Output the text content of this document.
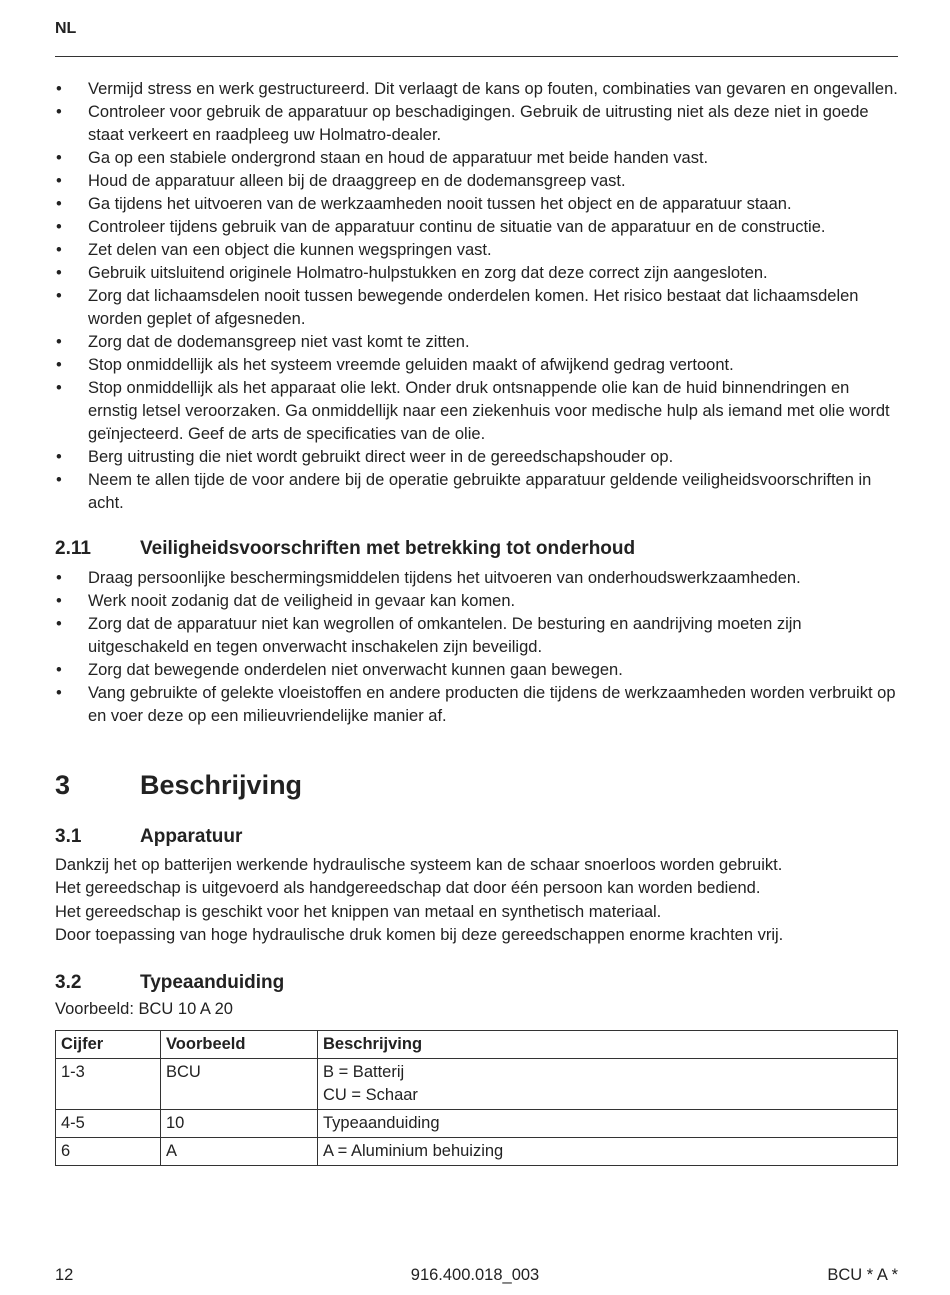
NL
• Vermijd stress en werk gestructureerd. Dit verlaagt de kans op fouten, combinaties van gevaren en ongevallen.
• Controleer voor gebruik de apparatuur op beschadigingen. Gebruik de uitrusting niet als deze niet in goede staat verkeert en raadpleeg uw Holmatro-dealer.
• Ga op een stabiele ondergrond staan en houd de apparatuur met beide handen vast.
• Houd de apparatuur alleen bij de draaggreep en de dodemansgreep vast.
• Ga tijdens het uitvoeren van de werkzaamheden nooit tussen het object en de apparatuur staan.
• Controleer tijdens gebruik van de apparatuur continu de situatie van de apparatuur en de constructie.
• Zet delen van een object die kunnen wegspringen vast.
• Gebruik uitsluitend originele Holmatro-hulpstukken en zorg dat deze correct zijn aangesloten.
• Zorg dat lichaamsdelen nooit tussen bewegende onderdelen komen. Het risico bestaat dat lichaamsdelen worden geplet of afgesneden.
• Zorg dat de dodemansgreep niet vast komt te zitten.
• Stop onmiddellijk als het systeem vreemde geluiden maakt of afwijkend gedrag vertoont.
• Stop onmiddellijk als het apparaat olie lekt. Onder druk ontsnappende olie kan de huid binnendringen en ernstig letsel veroorzaken. Ga onmiddellijk naar een ziekenhuis voor medische hulp als iemand met olie wordt geïnjecteerd. Geef de arts de specificaties van de olie.
• Berg uitrusting die niet wordt gebruikt direct weer in de gereedschapshouder op.
• Neem te allen tijde de voor andere bij de operatie gebruikte apparatuur geldende veiligheidsvoorschriften in acht.
2.11	Veiligheidsvoorschriften met betrekking tot onderhoud
• Draag persoonlijke beschermingsmiddelen tijdens het uitvoeren van onderhoudswerkzaamheden.
• Werk nooit zodanig dat de veiligheid in gevaar kan komen.
• Zorg dat de apparatuur niet kan wegrollen of omkantelen. De besturing en aandrijving moeten zijn uitgeschakeld en tegen onverwacht inschakelen zijn beveiligd.
• Zorg dat bewegende onderdelen niet onverwacht kunnen gaan bewegen.
• Vang gebruikte of gelekte vloeistoffen en andere producten die tijdens de werkzaamheden worden verbruikt op en voer deze op een milieuvriendelijke manier af.
3	Beschrijving
3.1	Apparatuur
Dankzij het op batterijen werkende hydraulische systeem kan de schaar snoerloos worden gebruikt.
Het gereedschap is uitgevoerd als handgereedschap dat door één persoon kan worden bediend.
Het gereedschap is geschikt voor het knippen van metaal en synthetisch materiaal.
Door toepassing van hoge hydraulische druk komen bij deze gereedschappen enorme krachten vrij.
3.2	Typeaanduiding
Voorbeeld: BCU 10 A 20
Cijfer	Voorbeeld	Beschrijving
1-3	BCU	B = Batterij
CU = Schaar

4-5	10	Typeaanduiding

6	A	A = Aluminium behuizing
12	916.400.018_003	BCU * A *
